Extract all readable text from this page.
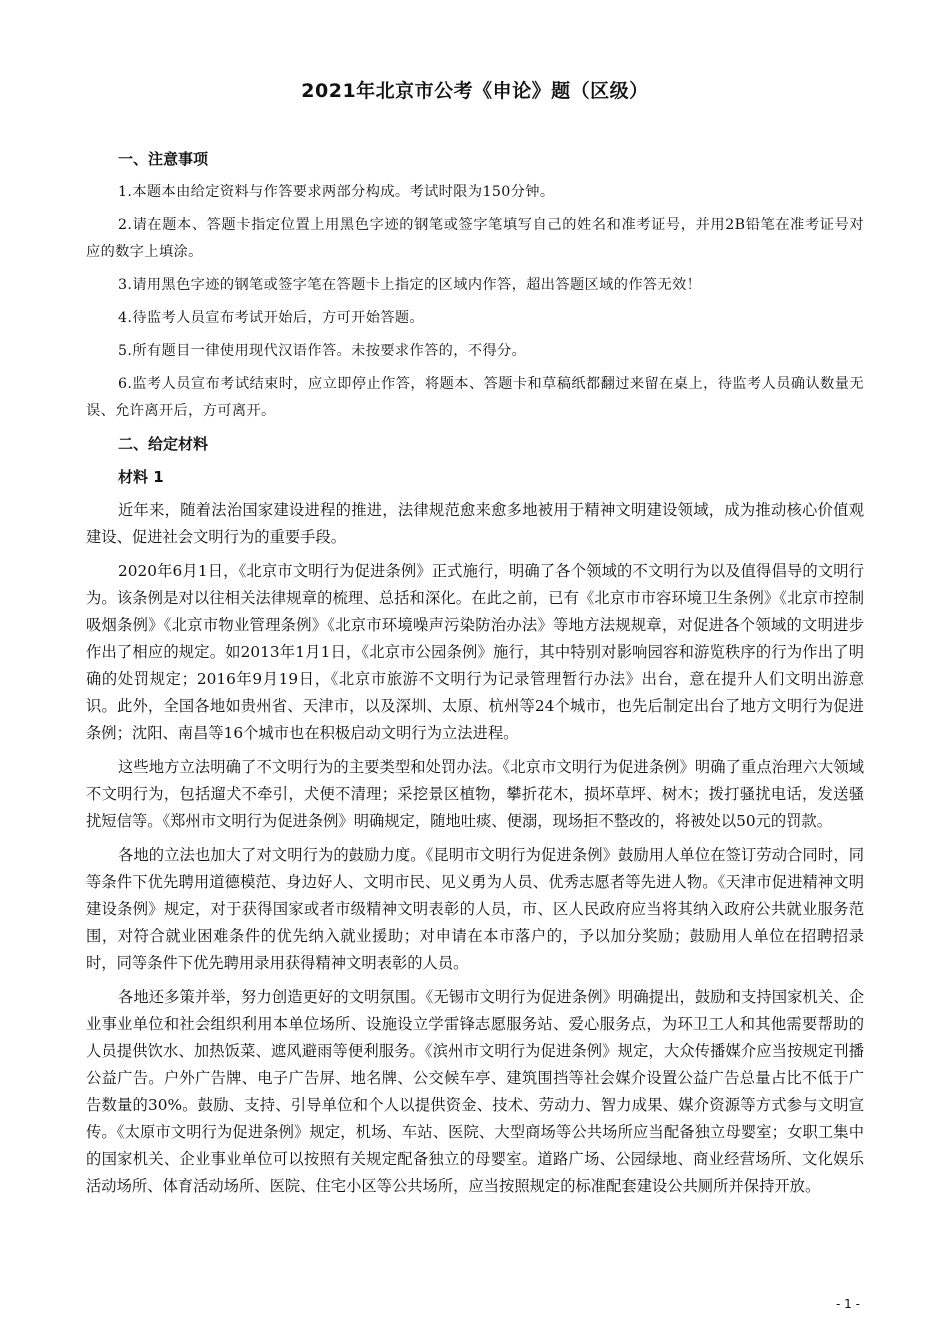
2021年北京市公考《申论》题（区级）
一、注意事项

1.本题本由给定资料与作答要求两部分构成。考试时限为150分钟。

2.请在题本、答题卡指定位置上用黑色字迹的钢笔或签字笔填写自己的姓名和准考证号，并用2B铅笔在准考证号对应的数字上填涂。

3.请用黑色字迹的钢笔或签字笔在答题卡上指定的区域内作答，超出答题区域的作答无效！

4.待监考人员宣布考试开始后，方可开始答题。

5.所有题目一律使用现代汉语作答。未按要求作答的，不得分。

6.监考人员宣布考试结束时，应立即停止作答，将题本、答题卡和草稿纸都翻过来留在桌上，待监考人员确认数量无误、允许离开后，方可离开。

二、给定材料
材料 1

近年来，随着法治国家建设进程的推进，法律规范愈来愈多地被用于精神文明建设领域，成为推动核心价值观建设、促进社会文明行为的重要手段。

2020年6月1日，《北京市文明行为促进条例》正式施行，明确了各个领域的不文明行为以及值得倡导的文明行为。该条例是对以往相关法律规章的梳理、总括和深化。在此之前，已有《北京市市容环境卫生条例》《北京市控制吸烟条例》《北京市物业管理条例》《北京市环境噪声污染防治办法》等地方法规规章，对促进各个领域的文明进步作出了相应的规定。如2013年1月1日，《北京市公园条例》施行，其中特别对影响园容和游览秩序的行为作出了明确的处罚规定；2016年9月19日，《北京市旅游不文明行为记录管理暂行办法》出台，意在提升人们文明出游意识。此外，全国各地如贵州省、天津市，以及深圳、太原、杭州等24个城市，也先后制定出台了地方文明行为促进条例；沈阳、南昌等16个城市也在积极启动文明行为立法进程。

这些地方立法明确了不文明行为的主要类型和处罚办法。《北京市文明行为促进条例》明确了重点治理六大领域不文明行为，包括遛犬不牵引，犬便不清理；采挖景区植物，攀折花木，损坏草坪、树木；拨打骚扰电话，发送骚扰短信等。《郑州市文明行为促进条例》明确规定，随地吐痰、便溺，现场拒不整改的，将被处以50元的罚款。

各地的立法也加大了对文明行为的鼓励力度。《昆明市文明行为促进条例》鼓励用人单位在签订劳动合同时，同等条件下优先聘用道德模范、身边好人、文明市民、见义勇为人员、优秀志愿者等先进人物。《天津市促进精神文明建设条例》规定，对于获得国家或者市级精神文明表彰的人员，市、区人民政府应当将其纳入政府公共就业服务范围，对符合就业困难条件的优先纳入就业援助；对申请在本市落户的，予以加分奖励；鼓励用人单位在招聘招录时，同等条件下优先聘用录用获得精神文明表彰的人员。

各地还多策并举，努力创造更好的文明氛围。《无锡市文明行为促进条例》明确提出，鼓励和支持国家机关、企业事业单位和社会组织利用本单位场所、设施设立学雷锋志愿服务站、爱心服务点，为环卫工人和其他需要帮助的人员提供饮水、加热饭菜、遮风避雨等便利服务。《滨州市文明行为促进条例》规定，大众传播媒介应当按规定刊播公益广告。户外广告牌、电子广告屏、地名牌、公交候车亭、建筑围挡等社会媒介设置公益广告总量占比不低于广告数量的30%。鼓励、支持、引导单位和个人以提供资金、技术、劳动力、智力成果、媒介资源等方式参与文明宣传。《太原市文明行为促进条例》规定，机场、车站、医院、大型商场等公共场所应当配备独立母婴室；女职工集中的国家机关、企业事业单位可以按照有关规定配备独立的母婴室。道路广场、公园绿地、商业经营场所、文化娱乐活动场所、体育活动场所、医院、住宅小区等公共场所，应当按照规定的标准配套建设公共厕所并保持开放。

- 1 -
